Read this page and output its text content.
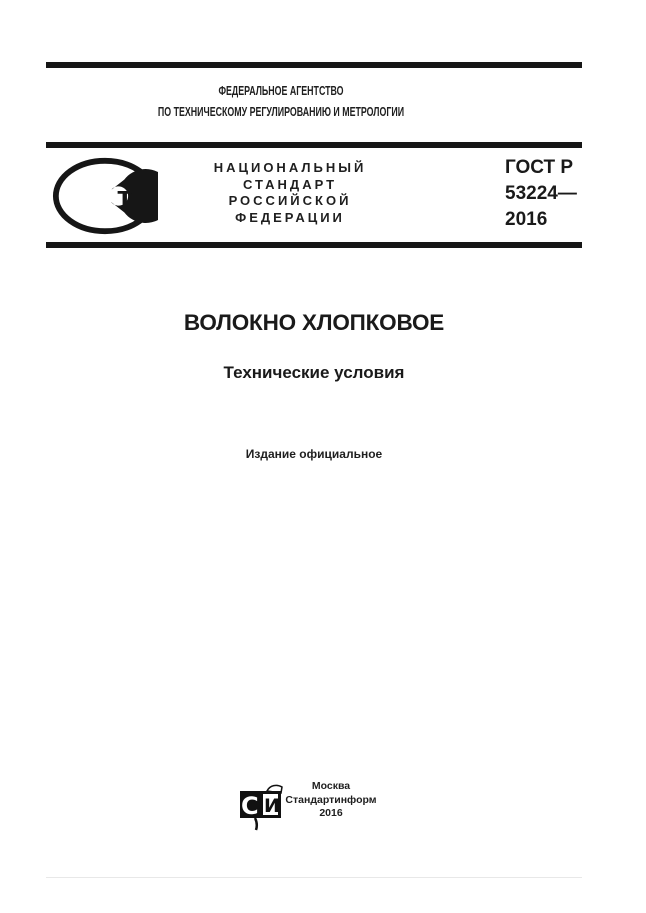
ФЕДЕРАЛЬНОЕ АГЕНТСТВО
ПО ТЕХНИЧЕСКОМУ РЕГУЛИРОВАНИЮ И МЕТРОЛОГИИ
Р т
НАЦИОНАЛЬНЫЙ
СТАНДАРТ
РОССИЙСКОЙ
ФЕДЕРАЦИИ
ГОСТ Р
53224—
2016
ВОЛОКНО ХЛОПКОВОЕ
Технические условия
Издание официальное
С И
Москва
Стандартинформ
2016
